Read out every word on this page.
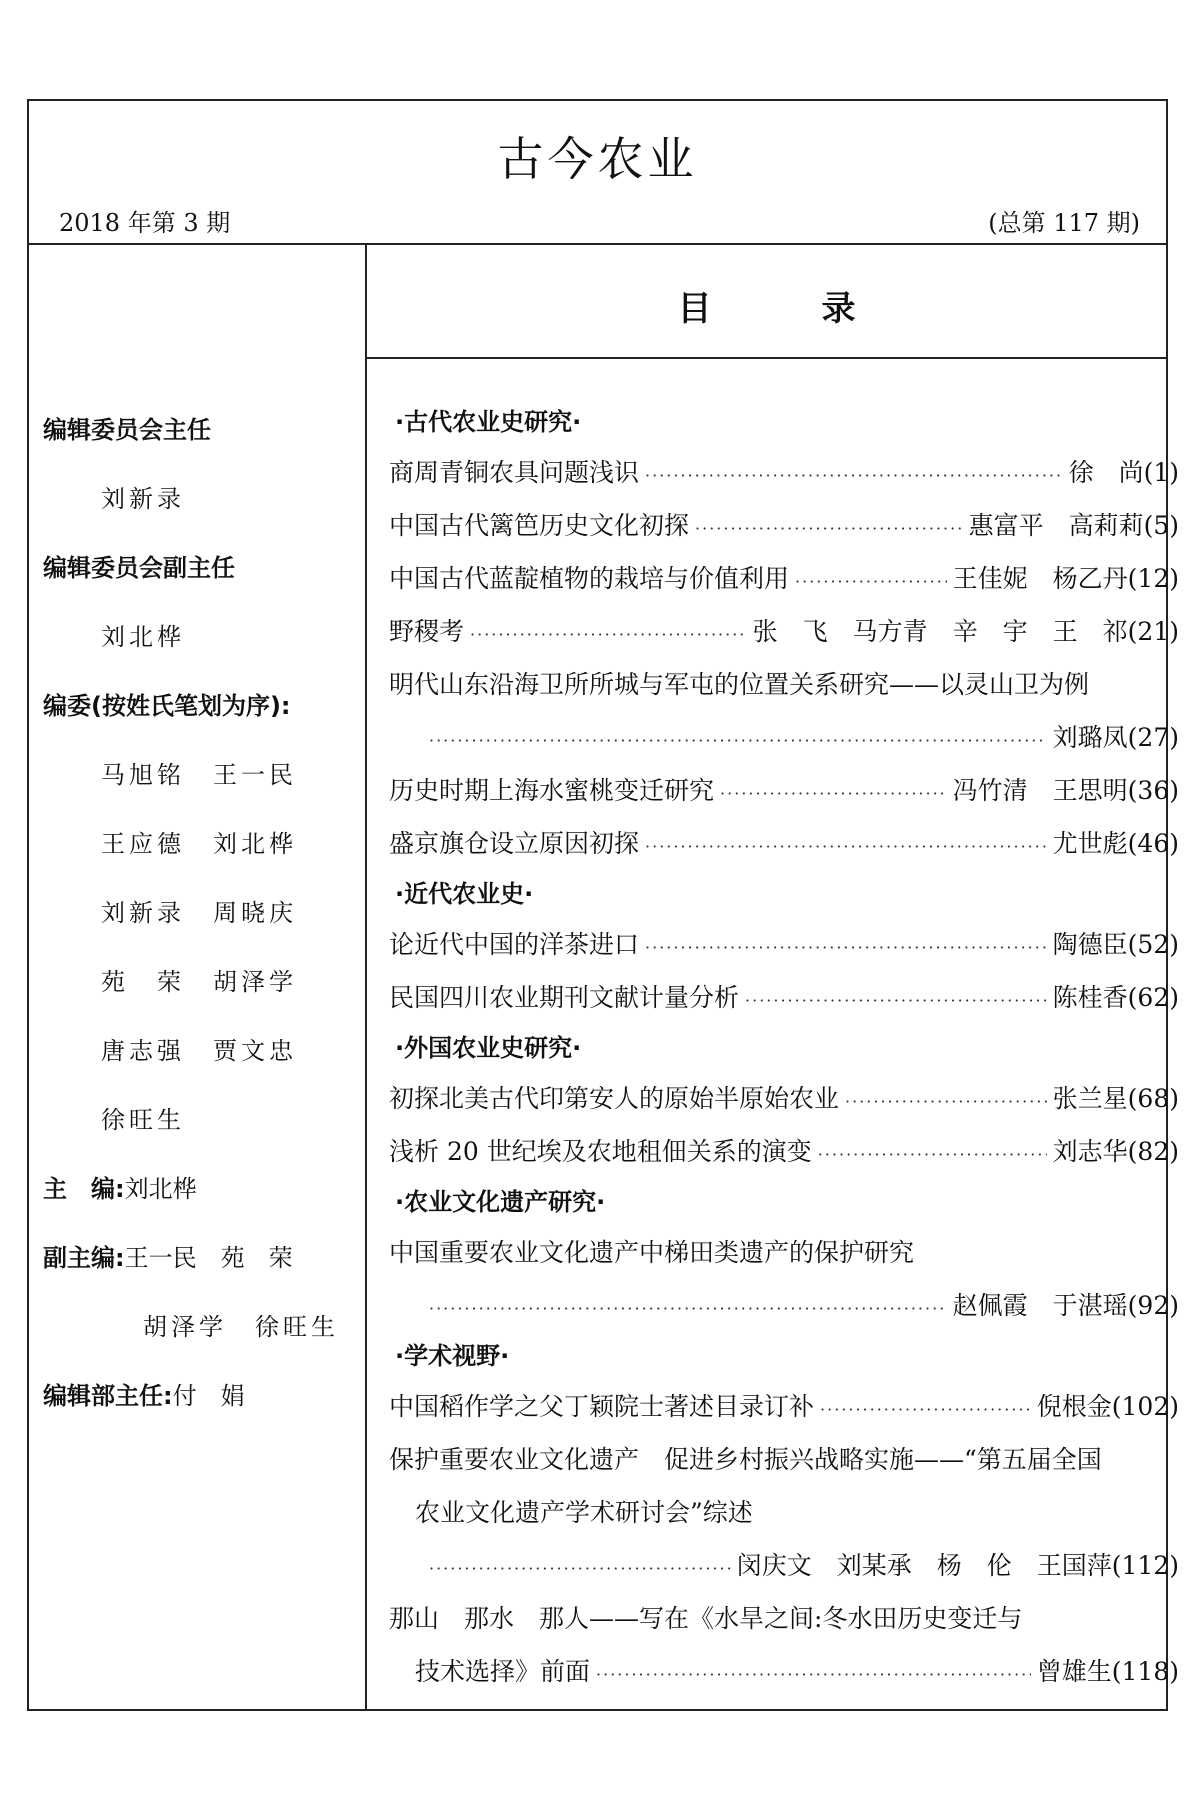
古今农业
2018 年第 3 期	(总第 117 期)
目录
编辑委员会主任
刘新录
编辑委员会副主任
刘北桦
编委(按姓氏笔划为序):
马旭铭 王一民
王应德 刘北桦
刘新录 周晓庆
苑　荣 胡泽学
唐志强 贾文忠
徐旺生
主　编:刘北桦
副主编:王一民　苑　荣
胡泽学　徐旺生
编辑部主任:付　娟
·古代农业史研究·
商周青铜农具问题浅识 ·····	徐　尚 (1)
中国古代篱笆历史文化初探 ·····	惠富平　高莉莉 (5)
中国古代蓝靛植物的栽培与价值利用 ·····	王佳妮　杨乙丹 (12)
野稷考 ·····	张　飞　马方青　辛　宇　王　祁 (21)
明代山东沿海卫所所城与军屯的位置关系研究——以灵山卫为例
·····
刘璐凤 (27)
历史时期上海水蜜桃变迁研究 ·····	冯竹清　王思明 (36)
盛京旗仓设立原因初探 ·····	尤世彪 (46)
·近代农业史·
论近代中国的洋茶进口 ·····	陶德臣 (52)
民国四川农业期刊文献计量分析 ·····	陈桂香 (62)
·外国农业史研究·
初探北美古代印第安人的原始半原始农业 ·····	张兰星 (68)
浅析 20 世纪埃及农地租佃关系的演变 ·····	刘志华 (82)
·农业文化遗产研究·
中国重要农业文化遗产中梯田类遗产的保护研究
·····
赵佩霞　于湛瑶 (92)
·学术视野·
中国稻作学之父丁颖院士著述目录订补 ·····	倪根金 (102)
保护重要农业文化遗产　促进乡村振兴战略实施——“第五届全国
农业文化遗产学术研讨会”综述
·····
闵庆文　刘某承　杨　伦　王国萍 (112)
那山　那水　那人——写在《水旱之间:冬水田历史变迁与
技术选择》前面 ·····	曾雄生 (118)
